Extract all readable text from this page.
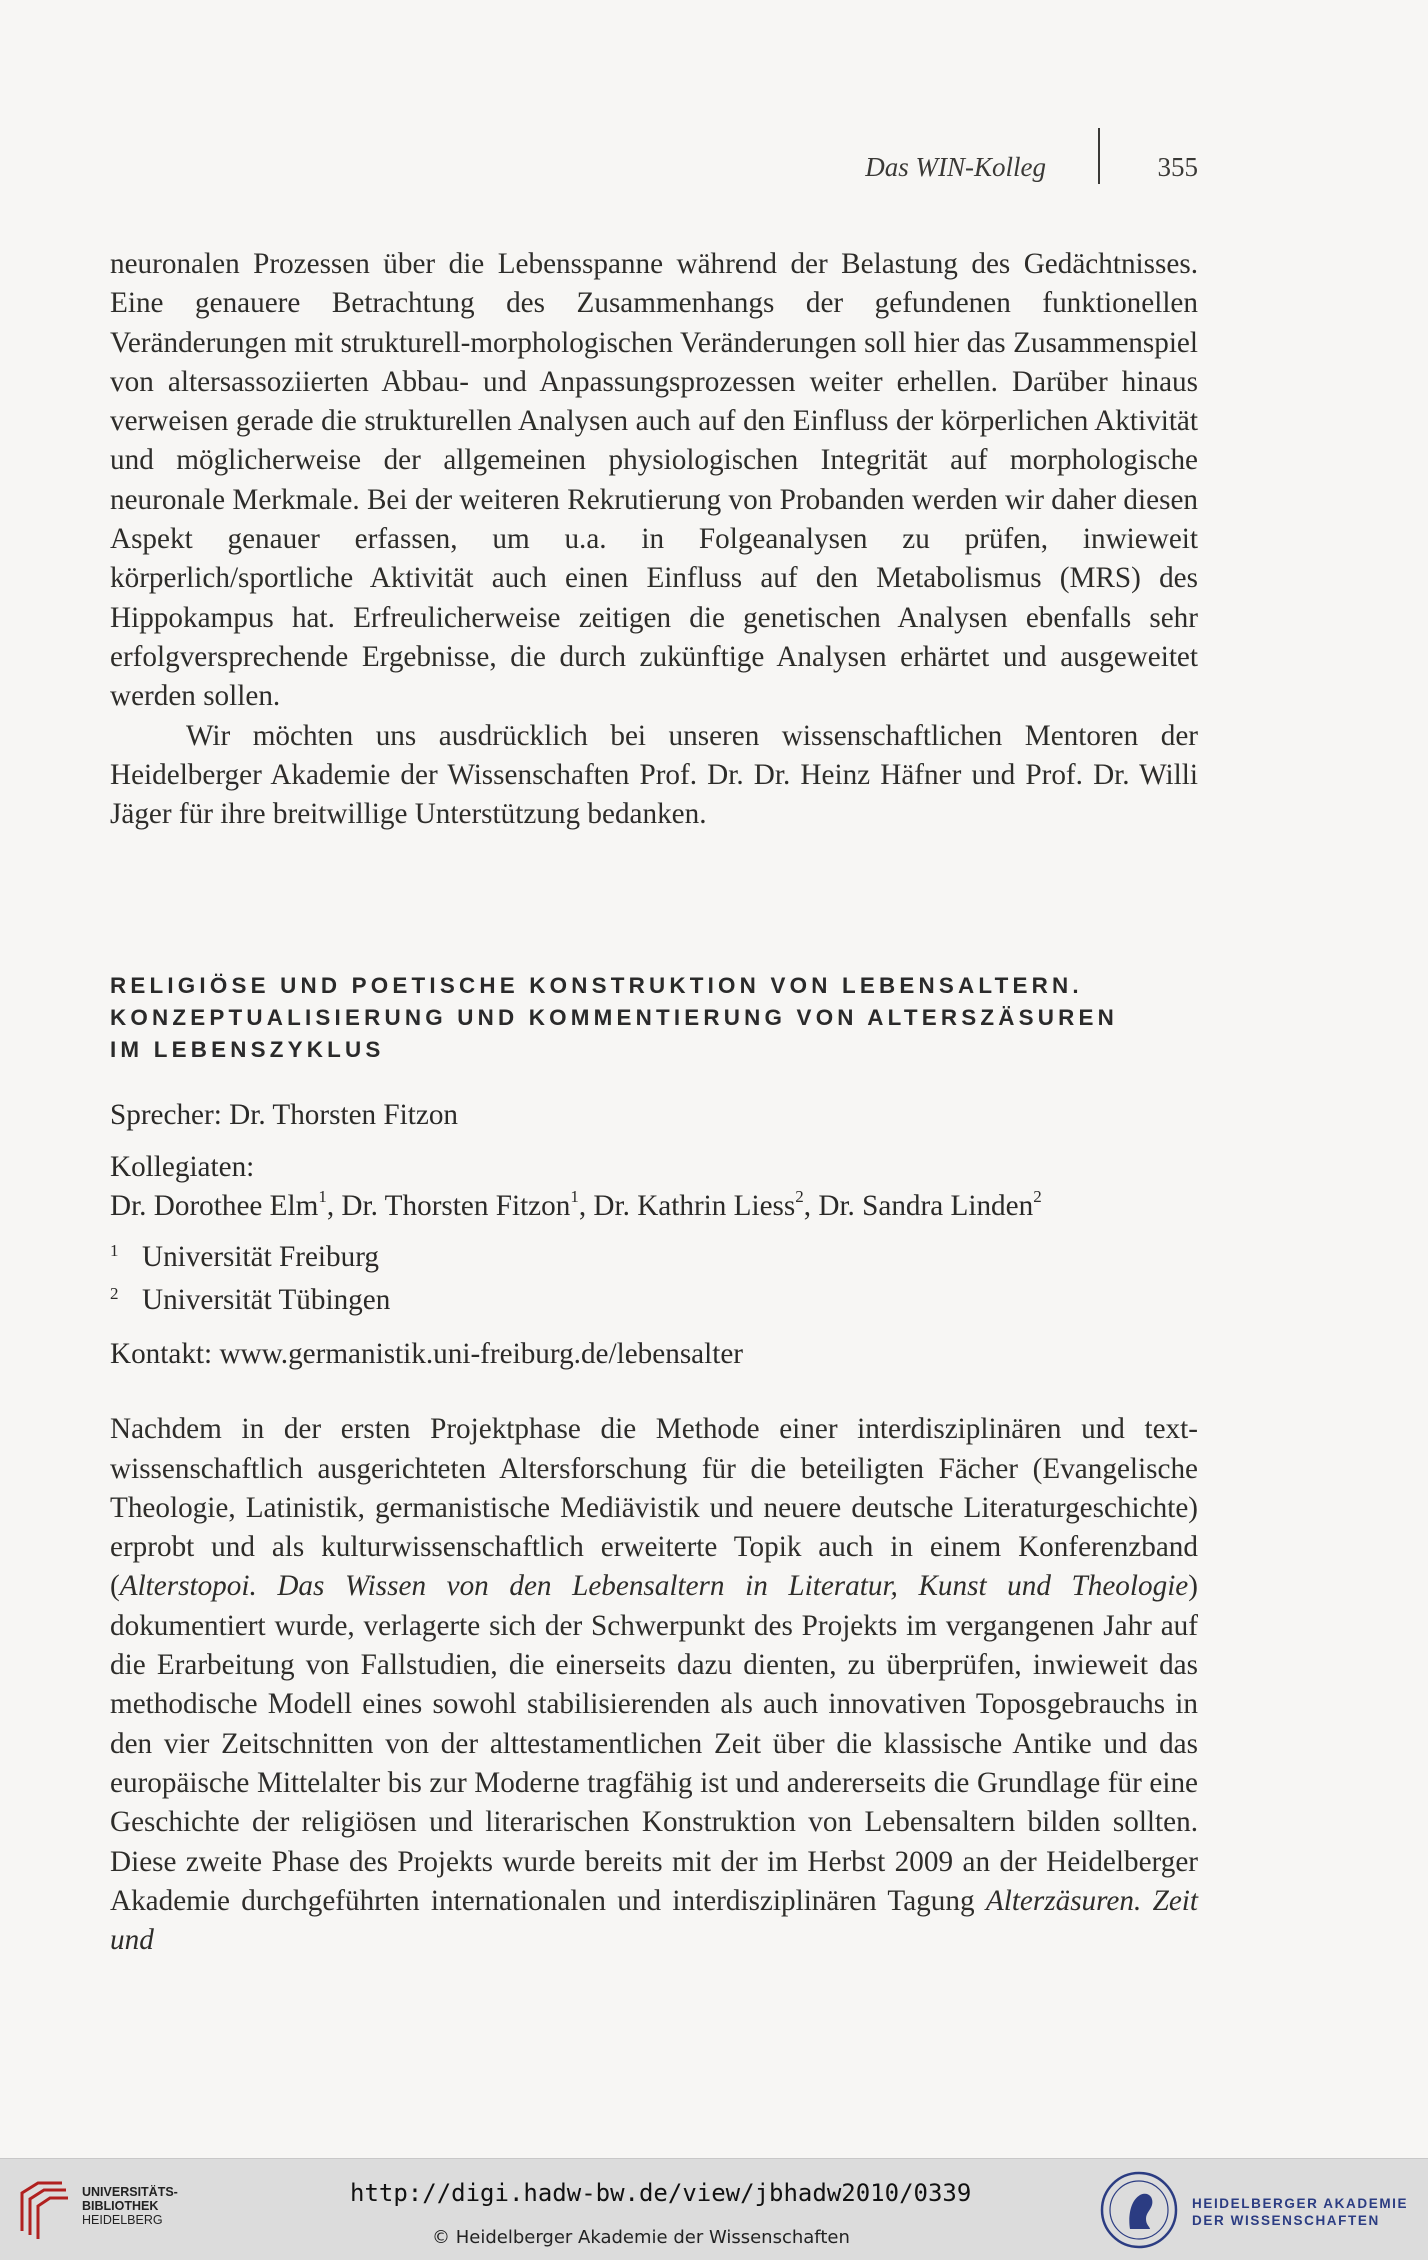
Das WIN-Kolleg	355

neuronalen Prozessen über die Lebensspanne während der Belastung des Gedächtnisses. Eine genauere Betrachtung des Zusammenhangs der gefundenen funktionellen Veränderungen mit strukturell-morphologischen Veränderungen soll hier das Zusammenspiel von altersassoziierten Abbau- und Anpassungsprozessen weiter erhellen. Darüber hinaus verweisen gerade die strukturellen Analysen auch auf den Einfluss der körperlichen Aktivität und möglicherweise der allgemeinen physiologischen Integrität auf morphologische neuronale Merkmale. Bei der weiteren Rekrutierung von Probanden werden wir daher diesen Aspekt genauer erfassen, um u.a. in Folgeanalysen zu prüfen, inwieweit körperlich/sportliche Aktivität auch einen Einfluss auf den Metabolismus (MRS) des Hippokampus hat. Erfreulicherweise zeitigen die genetischen Analysen ebenfalls sehr erfolgversprechende Ergebnisse, die durch zukünftige Analysen erhärtet und ausgeweitet werden sollen.

Wir möchten uns ausdrücklich bei unseren wissenschaftlichen Mentoren der Heidelberger Akademie der Wissenschaften Prof. Dr. Dr. Heinz Häfner und Prof. Dr. Willi Jäger für ihre breitwillige Unterstützung bedanken.

RELIGIÖSE UND POETISCHE KONSTRUKTION VON LEBENSALTERN.
KONZEPTUALISIERUNG UND KOMMENTIERUNG VON ALTERSZÄSUREN
IM LEBENSZYKLUS
Sprecher: Dr. Thorsten Fitzon
Kollegiaten:
Dr. Dorothee Elm$^1$, Dr. Thorsten Fitzon$^1$, Dr. Kathrin Liess$^2$, Dr. Sandra Linden$^2$
1 Universität Freiburg
2 Universität Tübingen
Kontakt: www.germanistik.uni-freiburg.de/lebensalter

Nachdem in der ersten Projektphase die Methode einer interdisziplinären und textwissenschaftlich ausgerichteten Altersforschung für die beteiligten Fächer (Evangelische Theologie, Latinistik, germanistische Mediävistik und neuere deutsche Literaturgeschichte) erprobt und als kulturwissenschaftlich erweiterte Topik auch in einem Konferenzband (Alterstopoi. Das Wissen von den Lebensaltern in Literatur, Kunst und Theologie) dokumentiert wurde, verlagerte sich der Schwerpunkt des Projekts im vergangenen Jahr auf die Erarbeitung von Fallstudien, die einerseits dazu dienten, zu überprüfen, inwieweit das methodische Modell eines sowohl stabilisierenden als auch innovativen Toposgebrauchs in den vier Zeitschnitten von der alttestamentlichen Zeit über die klassische Antike und das europäische Mittelalter bis zur Moderne tragfähig ist und andererseits die Grundlage für eine Geschichte der religiösen und literarischen Konstruktion von Lebensaltern bilden sollten. Diese zweite Phase des Projekts wurde bereits mit der im Herbst 2009 an der Heidelberger Akademie durchgeführten internationalen und interdisziplinären Tagung Alterzäsuren. Zeit und

UNIVERSITÄTS-
BIBLIOTHEK
HEIDELBERG
http://digi.hadw-bw.de/view/jbhadw2010/0339
© Heidelberger Akademie der Wissenschaften
HEIDELBERGER AKADEMIE
DER WISSENSCHAFTEN
